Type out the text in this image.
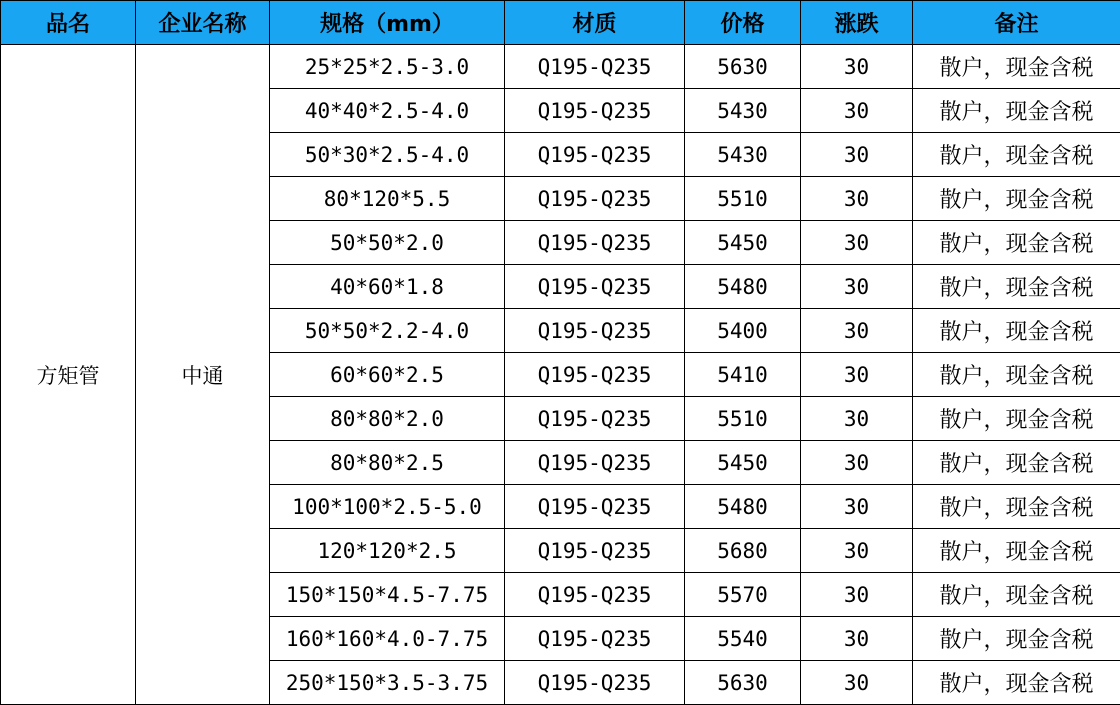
品名	企业名称	规格（mm）	材质	价格	涨跌	备注
方矩管	中通	25*25*2.5-3.0	Q195-Q235	5630	30	散户，现金含税
		40*40*2.5-4.0	Q195-Q235	5430	30	散户，现金含税
		50*30*2.5-4.0	Q195-Q235	5430	30	散户，现金含税
		80*120*5.5	Q195-Q235	5510	30	散户，现金含税
		50*50*2.0	Q195-Q235	5450	30	散户，现金含税
		40*60*1.8	Q195-Q235	5480	30	散户，现金含税
		50*50*2.2-4.0	Q195-Q235	5400	30	散户，现金含税
		60*60*2.5	Q195-Q235	5410	30	散户，现金含税
		80*80*2.0	Q195-Q235	5510	30	散户，现金含税
		80*80*2.5	Q195-Q235	5450	30	散户，现金含税
		100*100*2.5-5.0	Q195-Q235	5480	30	散户，现金含税
		120*120*2.5	Q195-Q235	5680	30	散户，现金含税
		150*150*4.5-7.75	Q195-Q235	5570	30	散户，现金含税
		160*160*4.0-7.75	Q195-Q235	5540	30	散户，现金含税
		250*150*3.5-3.75	Q195-Q235	5630	30	散户，现金含税
